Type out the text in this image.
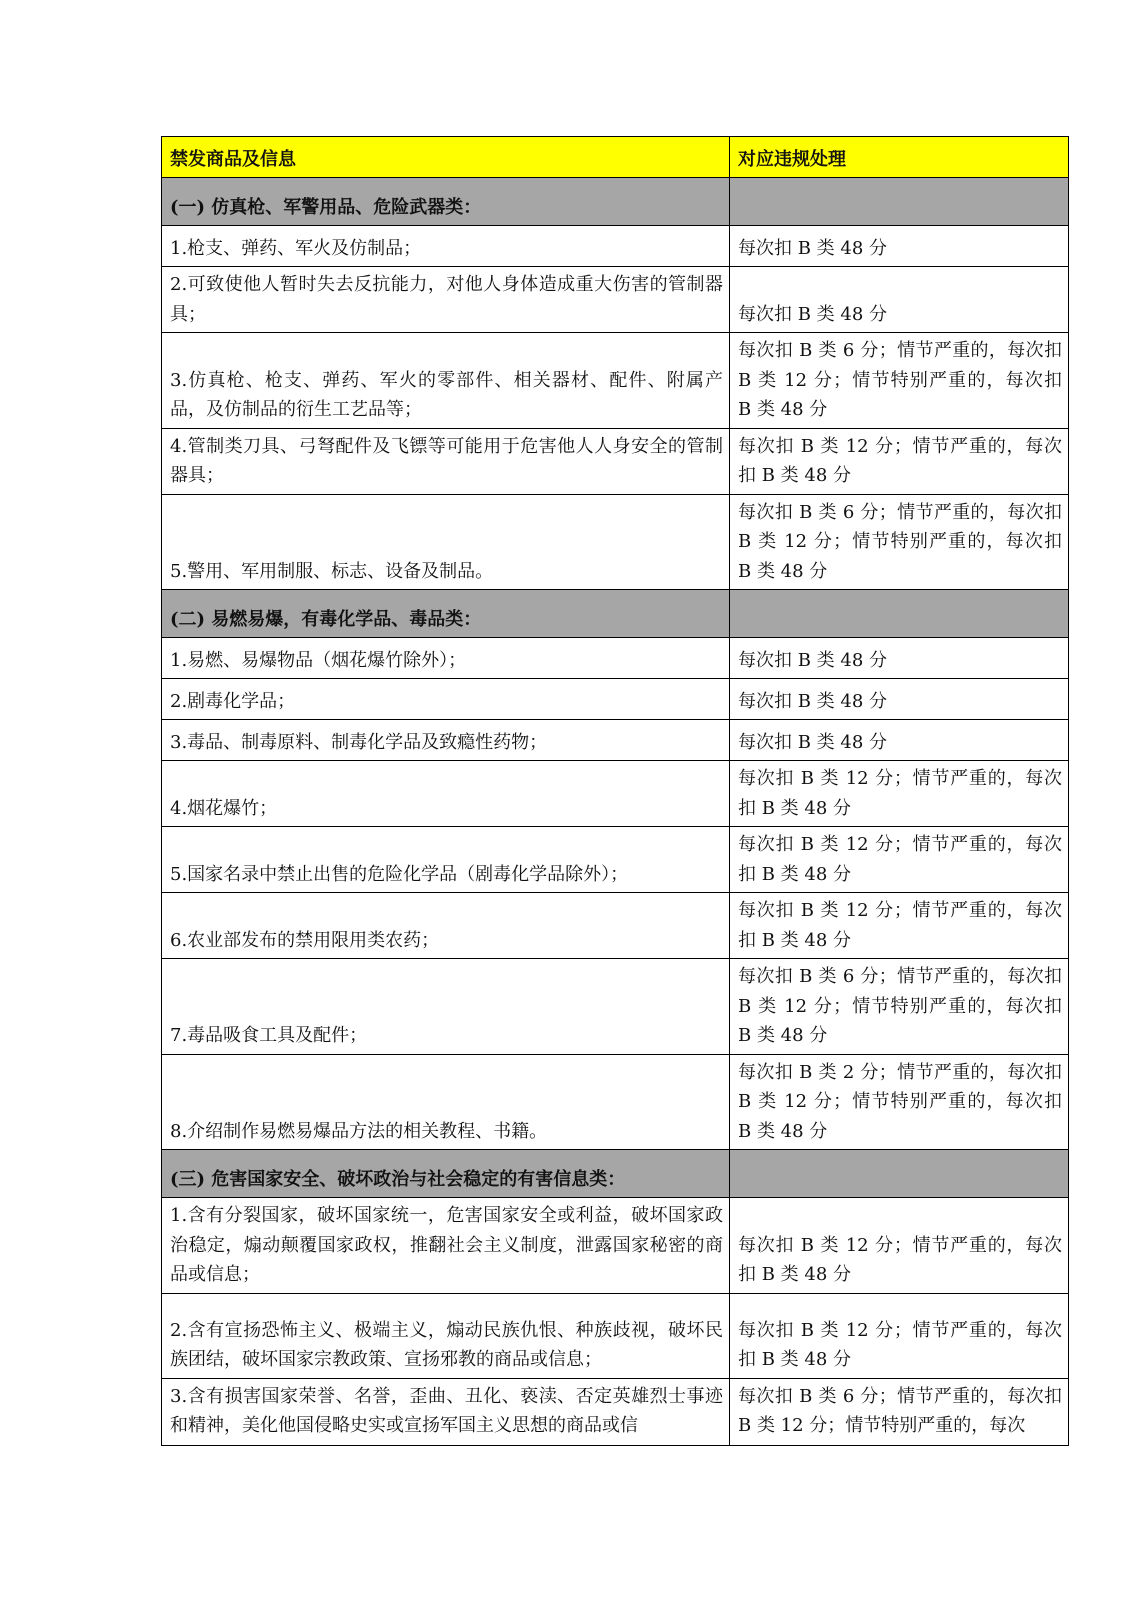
禁发商品及信息	对应违规处理
(一) 仿真枪、军警用品、危险武器类：	
1.枪支、弹药、军火及仿制品；	每次扣 B 类 48 分
2.可致使他人暂时失去反抗能力，对他人身体造成重大伤害的管制器具；	每次扣 B 类 48 分
3.仿真枪、枪支、弹药、军火的零部件、相关器材、配件、附属产品，及仿制品的衍生工艺品等；	每次扣 B 类 6 分；情节严重的，每次扣 B 类 12 分；情节特别严重的，每次扣 B 类 48 分
4.管制类刀具、弓弩配件及飞镖等可能用于危害他人人身安全的管制器具；	每次扣 B 类 12 分；情节严重的，每次扣 B 类 48 分
5.警用、军用制服、标志、设备及制品。	每次扣 B 类 6 分；情节严重的，每次扣 B 类 12 分；情节特别严重的，每次扣 B 类 48 分
(二) 易燃易爆，有毒化学品、毒品类：	
1.易燃、易爆物品（烟花爆竹除外）；	每次扣 B 类 48 分
2.剧毒化学品；	每次扣 B 类 48 分
3.毒品、制毒原料、制毒化学品及致瘾性药物；	每次扣 B 类 48 分
4.烟花爆竹；	每次扣 B 类 12 分；情节严重的，每次扣 B 类 48 分
5.国家名录中禁止出售的危险化学品（剧毒化学品除外）；	每次扣 B 类 12 分；情节严重的，每次扣 B 类 48 分
6.农业部发布的禁用限用类农药；	每次扣 B 类 12 分；情节严重的，每次扣 B 类 48 分
7.毒品吸食工具及配件；	每次扣 B 类 6 分；情节严重的，每次扣 B 类 12 分；情节特别严重的，每次扣 B 类 48 分
8.介绍制作易燃易爆品方法的相关教程、书籍。	每次扣 B 类 2 分；情节严重的，每次扣 B 类 12 分；情节特别严重的，每次扣 B 类 48 分
(三) 危害国家安全、破坏政治与社会稳定的有害信息类：	
1.含有分裂国家，破坏国家统一，危害国家安全或利益，破坏国家政治稳定，煽动颠覆国家政权，推翻社会主义制度，泄露国家秘密的商品或信息；	每次扣 B 类 12 分；情节严重的，每次扣 B 类 48 分
2.含有宣扬恐怖主义、极端主义，煽动民族仇恨、种族歧视，破坏民族团结，破坏国家宗教政策、宣扬邪教的商品或信息；	每次扣 B 类 12 分；情节严重的，每次扣 B 类 48 分
3.含有损害国家荣誉、名誉，歪曲、丑化、亵渎、否定英雄烈士事迹和精神，美化他国侵略史实或宣扬军国主义思想的商品或信	每次扣 B 类 6 分；情节严重的，每次扣 B 类 12 分；情节特别严重的，每次
